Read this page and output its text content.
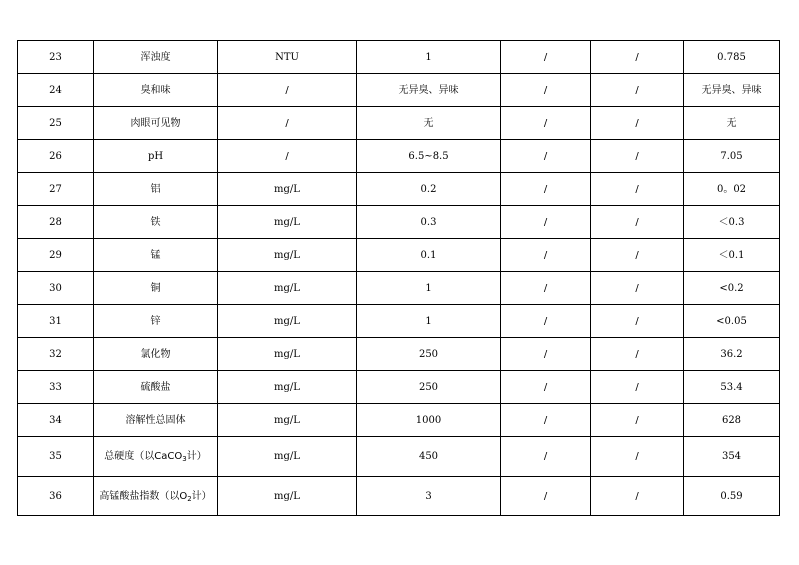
23	浑浊度	NTU	1	/	/	0.785
24	臭和味	/	无异臭、异味	/	/	无异臭、异味
25	肉眼可见物	/	无	/	/	无
26	pH	/	6.5~8.5	/	/	7.05
27	铝	mg/L	0.2	/	/	0。02
28	铁	mg/L	0.3	/	/	＜0.3
29	锰	mg/L	0.1	/	/	＜0.1
30	铜	mg/L	1	/	/	<0.2
31	锌	mg/L	1	/	/	<0.05
32	氯化物	mg/L	250	/	/	36.2
33	硫酸盐	mg/L	250	/	/	53.4
34	溶解性总固体	mg/L	1000	/	/	628
35	总硬度（以CaCO$_3$计）	mg/L	450	/	/	354
36	高锰酸盐指数（以$O_2$计）	mg/L	3	/	/	0.59
